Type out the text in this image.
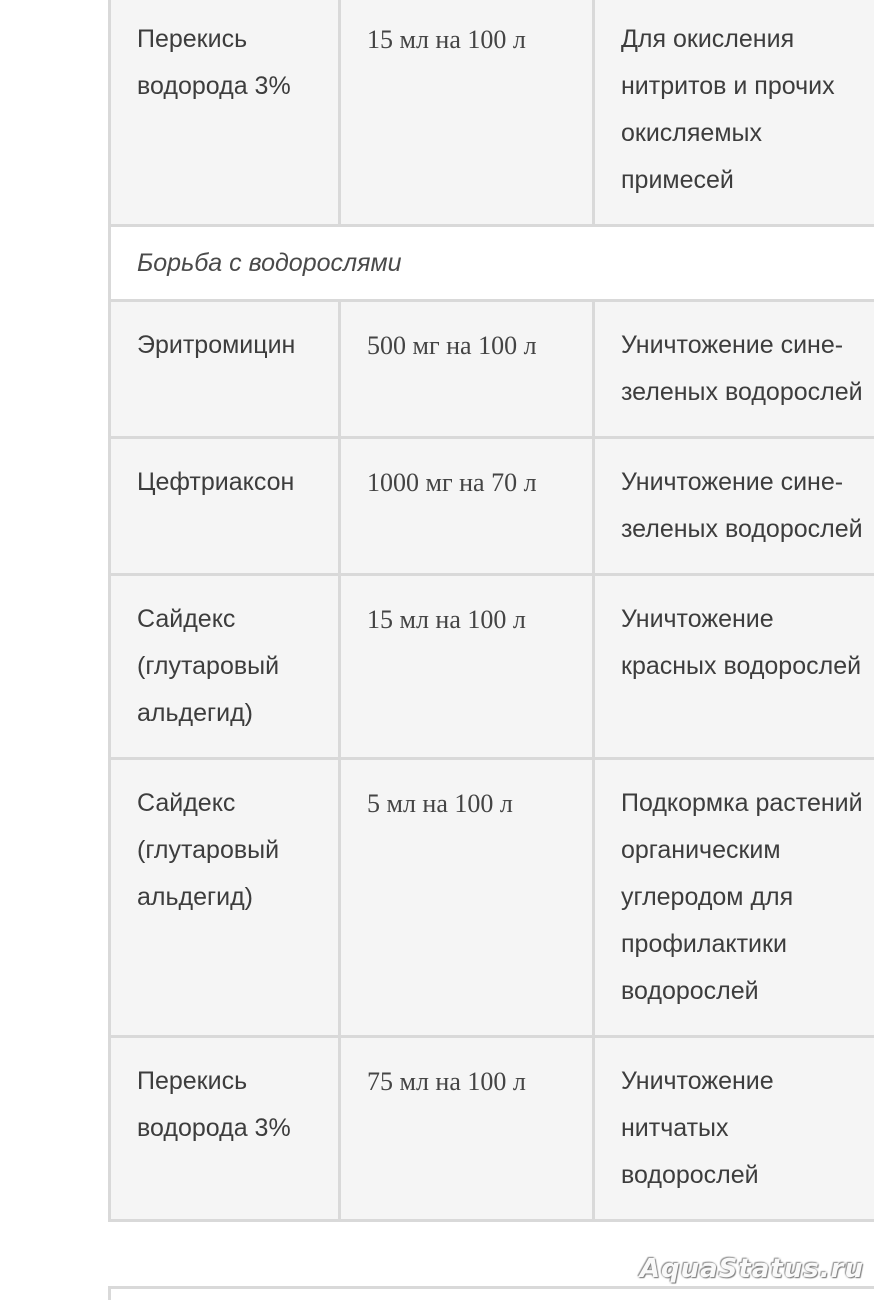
Перекись водорода 3%	15 мл на 100 л	Для окисления нитритов и прочих окисляемых примесей
Борьба с водорослями		
Эритромицин	500 мг на 100 л	Уничтожение сине-зеленых водорослей
Цефтриаксон	1000 мг на 70 л	Уничтожение сине-зеленых водорослей
Сайдекс (глутаровый альдегид)	15 мл на 100 л	Уничтожение красных водорослей
Сайдекс (глутаровый альдегид)	5 мл на 100 л	Подкормка растений органическим углеродом для профилактики водорослей
Перекись водорода 3%	75 мл на 100 л	Уничтожение нитчатых водорослей
AquaStatus.ru
